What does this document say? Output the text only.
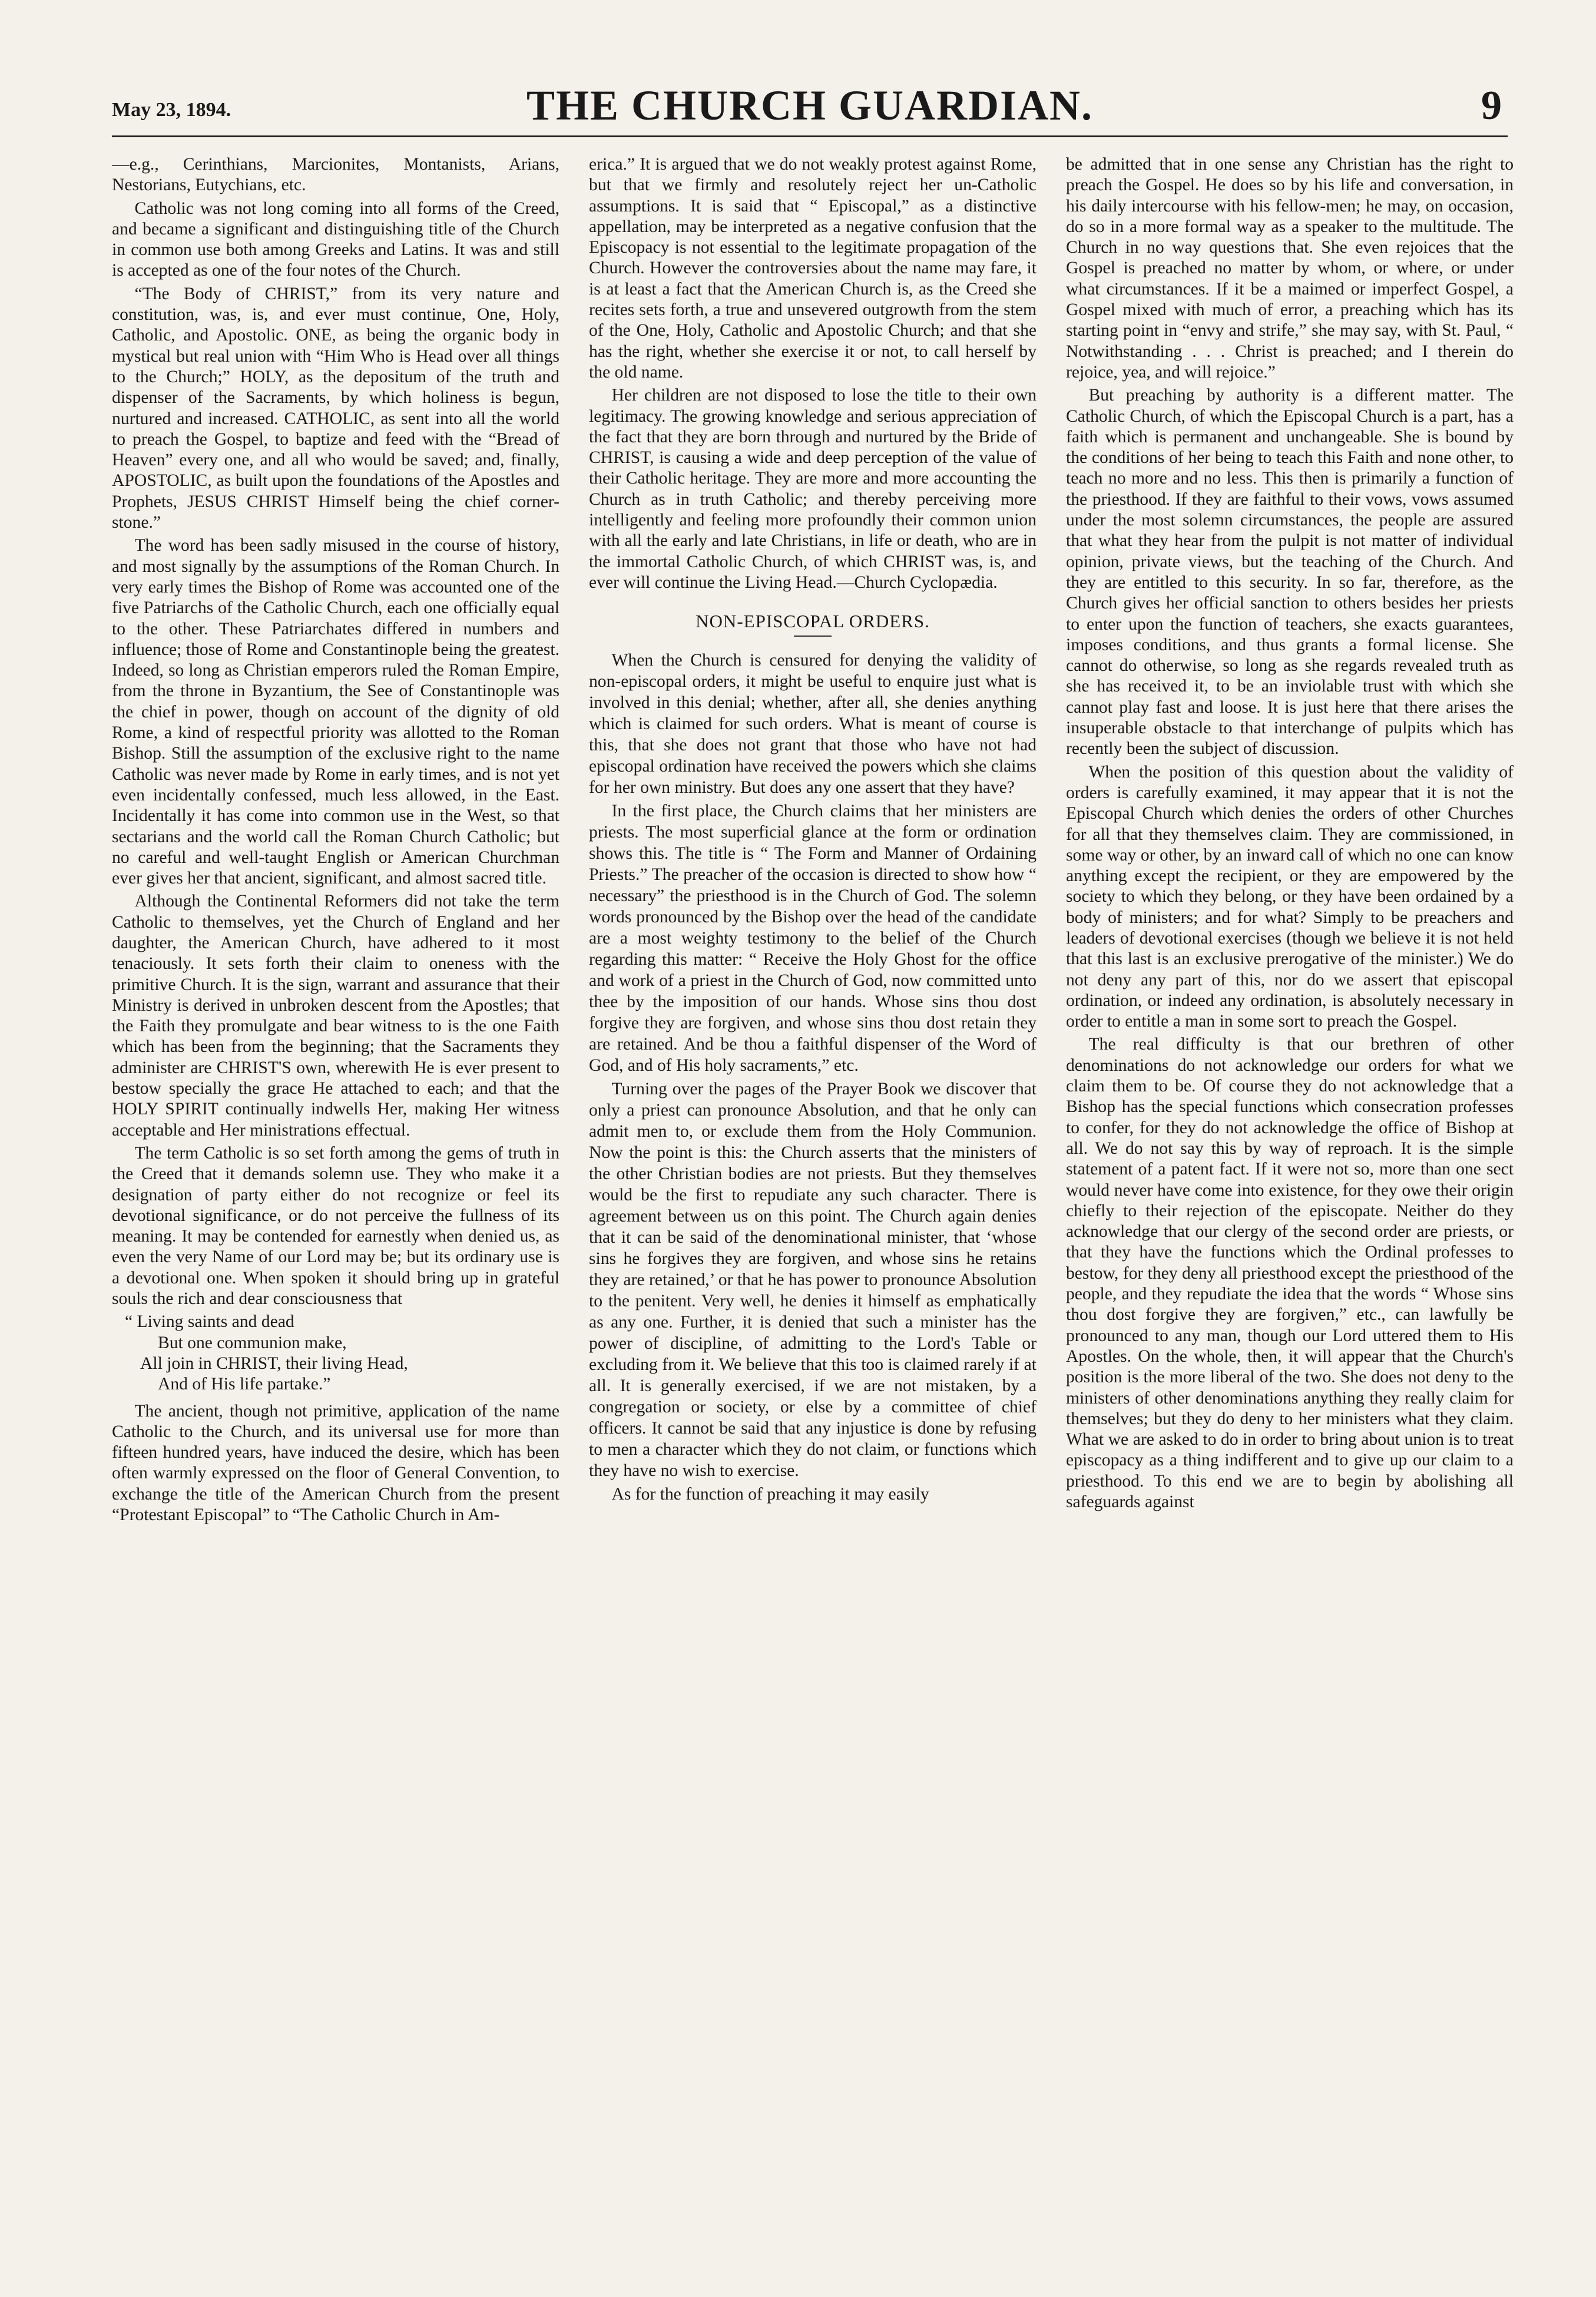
May 23, 1894.	THE CHURCH GUARDIAN.	9

—e.g., Cerinthians, Marcionites, Montanists, Arians, Nestorians, Eutychians, etc.

Catholic was not long coming into all forms of the Creed, and became a significant and distinguishing title of the Church in common use both among Greeks and Latins. It was and still is accepted as one of the four notes of the Church.

“The Body of CHRIST,” from its very nature and constitution, was, is, and ever must continue, One, Holy, Catholic, and Apostolic. ONE, as being the organic body in mystical but real union with “Him Who is Head over all things to the Church;” HOLY, as the depositum of the truth and dispenser of the Sacraments, by which holiness is begun, nurtured and increased. CATHOLIC, as sent into all the world to preach the Gospel, to baptize and feed with the “Bread of Heaven” every one, and all who would be saved; and, finally, APOSTOLIC, as built upon the foundations of the Apostles and Prophets, JESUS CHRIST Himself being the chief corner-stone.”

The word has been sadly misused in the course of history, and most signally by the assumptions of the Roman Church. In very early times the Bishop of Rome was accounted one of the five Patriarchs of the Catholic Church, each one officially equal to the other. These Patriarchates differed in numbers and influence; those of Rome and Constantinople being the greatest. Indeed, so long as Christian emperors ruled the Roman Empire, from the throne in Byzantium, the See of Constantinople was the chief in power, though on account of the dignity of old Rome, a kind of respectful priority was allotted to the Roman Bishop. Still the assumption of the exclusive right to the name Catholic was never made by Rome in early times, and is not yet even incidentally confessed, much less allowed, in the East. Incidentally it has come into common use in the West, so that sectarians and the world call the Roman Church Catholic; but no careful and well-taught English or American Churchman ever gives her that ancient, significant, and almost sacred title.

Although the Continental Reformers did not take the term Catholic to themselves, yet the Church of England and her daughter, the American Church, have adhered to it most tenaciously. It sets forth their claim to oneness with the primitive Church. It is the sign, warrant and assurance that their Ministry is derived in unbroken descent from the Apostles; that the Faith they promulgate and bear witness to is the one Faith which has been from the beginning; that the Sacraments they administer are CHRIST'S own, wherewith He is ever present to bestow specially the grace He attached to each; and that the HOLY SPIRIT continually indwells Her, making Her witness acceptable and Her ministrations effectual.

The term Catholic is so set forth among the gems of truth in the Creed that it demands solemn use. They who make it a designation of party either do not recognize or feel its devotional significance, or do not perceive the fullness of its meaning. It may be contended for earnestly when denied us, as even the very Name of our Lord may be; but its ordinary use is a devotional one. When spoken it should bring up in grateful souls the rich and dear consciousness that

“ Living saints and dead
But one communion make,
All join in CHRIST, their living Head,
And of His life partake.”

The ancient, though not primitive, application of the name Catholic to the Church, and its universal use for more than fifteen hundred years, have induced the desire, which has been often warmly expressed on the floor of General Convention, to exchange the title of the American Church from the present “Protestant Episcopal” to “The Catholic Church in Am-

erica.” It is argued that we do not weakly protest against Rome, but that we firmly and resolutely reject her un-Catholic assumptions. It is said that “ Episcopal,” as a distinctive appellation, may be interpreted as a negative confusion that the Episcopacy is not essential to the legitimate propagation of the Church. However the controversies about the name may fare, it is at least a fact that the American Church is, as the Creed she recites sets forth, a true and unsevered outgrowth from the stem of the One, Holy, Catholic and Apostolic Church; and that she has the right, whether she exercise it or not, to call herself by the old name.

Her children are not disposed to lose the title to their own legitimacy. The growing knowledge and serious appreciation of the fact that they are born through and nurtured by the Bride of CHRIST, is causing a wide and deep perception of the value of their Catholic heritage. They are more and more accounting the Church as in truth Catholic; and thereby perceiving more intelligently and feeling more profoundly their common union with all the early and late Christians, in life or death, who are in the immortal Catholic Church, of which CHRIST was, is, and ever will continue the Living Head.—Church Cyclopædia.

NON-EPISCOPAL ORDERS.

When the Church is censured for denying the validity of non-episcopal orders, it might be useful to enquire just what is involved in this denial; whether, after all, she denies anything which is claimed for such orders. What is meant of course is this, that she does not grant that those who have not had episcopal ordination have received the powers which she claims for her own ministry. But does any one assert that they have?

In the first place, the Church claims that her ministers are priests. The most superficial glance at the form or ordination shows this. The title is “ The Form and Manner of Ordaining Priests.” The preacher of the occasion is directed to show how “ necessary” the priesthood is in the Church of God. The solemn words pronounced by the Bishop over the head of the candidate are a most weighty testimony to the belief of the Church regarding this matter: “ Receive the Holy Ghost for the office and work of a priest in the Church of God, now committed unto thee by the imposition of our hands. Whose sins thou dost forgive they are forgiven, and whose sins thou dost retain they are retained. And be thou a faithful dispenser of the Word of God, and of His holy sacraments,” etc.

Turning over the pages of the Prayer Book we discover that only a priest can pronounce Absolution, and that he only can admit men to, or exclude them from the Holy Communion. Now the point is this: the Church asserts that the ministers of the other Christian bodies are not priests. But they themselves would be the first to repudiate any such character. There is agreement between us on this point. The Church again denies that it can be said of the denominational minister, that ‘whose sins he forgives they are forgiven, and whose sins he retains they are retained,’ or that he has power to pronounce Absolution to the penitent. Very well, he denies it himself as emphatically as any one. Further, it is denied that such a minister has the power of discipline, of admitting to the Lord's Table or excluding from it. We believe that this too is claimed rarely if at all. It is generally exercised, if we are not mistaken, by a congregation or society, or else by a committee of chief officers. It cannot be said that any injustice is done by refusing to men a character which they do not claim, or functions which they have no wish to exercise.

As for the function of preaching it may easily

be admitted that in one sense any Christian has the right to preach the Gospel. He does so by his life and conversation, in his daily intercourse with his fellow-men; he may, on occasion, do so in a more formal way as a speaker to the multitude. The Church in no way questions that. She even rejoices that the Gospel is preached no matter by whom, or where, or under what circumstances. If it be a maimed or imperfect Gospel, a Gospel mixed with much of error, a preaching which has its starting point in “envy and strife,” she may say, with St. Paul, “ Notwithstanding . . . Christ is preached; and I therein do rejoice, yea, and will rejoice.”

But preaching by authority is a different matter. The Catholic Church, of which the Episcopal Church is a part, has a faith which is permanent and unchangeable. She is bound by the conditions of her being to teach this Faith and none other, to teach no more and no less. This then is primarily a function of the priesthood. If they are faithful to their vows, vows assumed under the most solemn circumstances, the people are assured that what they hear from the pulpit is not matter of individual opinion, private views, but the teaching of the Church. And they are entitled to this security. In so far, therefore, as the Church gives her official sanction to others besides her priests to enter upon the function of teachers, she exacts guarantees, imposes conditions, and thus grants a formal license. She cannot do otherwise, so long as she regards revealed truth as she has received it, to be an inviolable trust with which she cannot play fast and loose. It is just here that there arises the insuperable obstacle to that interchange of pulpits which has recently been the subject of discussion.

When the position of this question about the validity of orders is carefully examined, it may appear that it is not the Episcopal Church which denies the orders of other Churches for all that they themselves claim. They are commissioned, in some way or other, by an inward call of which no one can know anything except the recipient, or they are empowered by the society to which they belong, or they have been ordained by a body of ministers; and for what? Simply to be preachers and leaders of devotional exercises (though we believe it is not held that this last is an exclusive prerogative of the minister.) We do not deny any part of this, nor do we assert that episcopal ordination, or indeed any ordination, is absolutely necessary in order to entitle a man in some sort to preach the Gospel.

The real difficulty is that our brethren of other denominations do not acknowledge our orders for what we claim them to be. Of course they do not acknowledge that a Bishop has the special functions which consecration professes to confer, for they do not acknowledge the office of Bishop at all. We do not say this by way of reproach. It is the simple statement of a patent fact. If it were not so, more than one sect would never have come into existence, for they owe their origin chiefly to their rejection of the episcopate. Neither do they acknowledge that our clergy of the second order are priests, or that they have the functions which the Ordinal professes to bestow, for they deny all priesthood except the priesthood of the people, and they repudiate the idea that the words “ Whose sins thou dost forgive they are forgiven,” etc., can lawfully be pronounced to any man, though our Lord uttered them to His Apostles. On the whole, then, it will appear that the Church's position is the more liberal of the two. She does not deny to the ministers of other denominations anything they really claim for themselves; but they do deny to her ministers what they claim. What we are asked to do in order to bring about union is to treat episcopacy as a thing indifferent and to give up our claim to a priesthood. To this end we are to begin by abolishing all safeguards against
